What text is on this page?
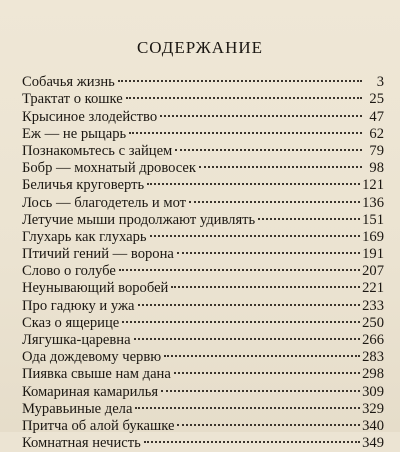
СОДЕРЖАНИЕ
Собачья жизнь	3
Трактат о кошке	25
Крысиное злодейство	47
Еж — не рыцарь	62
Познакомьтесь с зайцем	79
Бобр — мохнатый дровосек	98
Беличья круговерть	121
Лось — благодетель и мот	136
Летучие мыши продолжают удивлять	151
Глухарь как глухарь	169
Птичий гений — ворона	191
Слово о голубе	207
Неунывающий воробей	221
Про гадюку и ужа	233
Сказ о ящерице	250
Лягушка-царевна	266
Ода дождевому червю	283
Пиявка свыше нам дана	298
Комариная камарилья	309
Муравьиные дела	329
Притча об алой букашке	340
Комнатная нечисть	349
